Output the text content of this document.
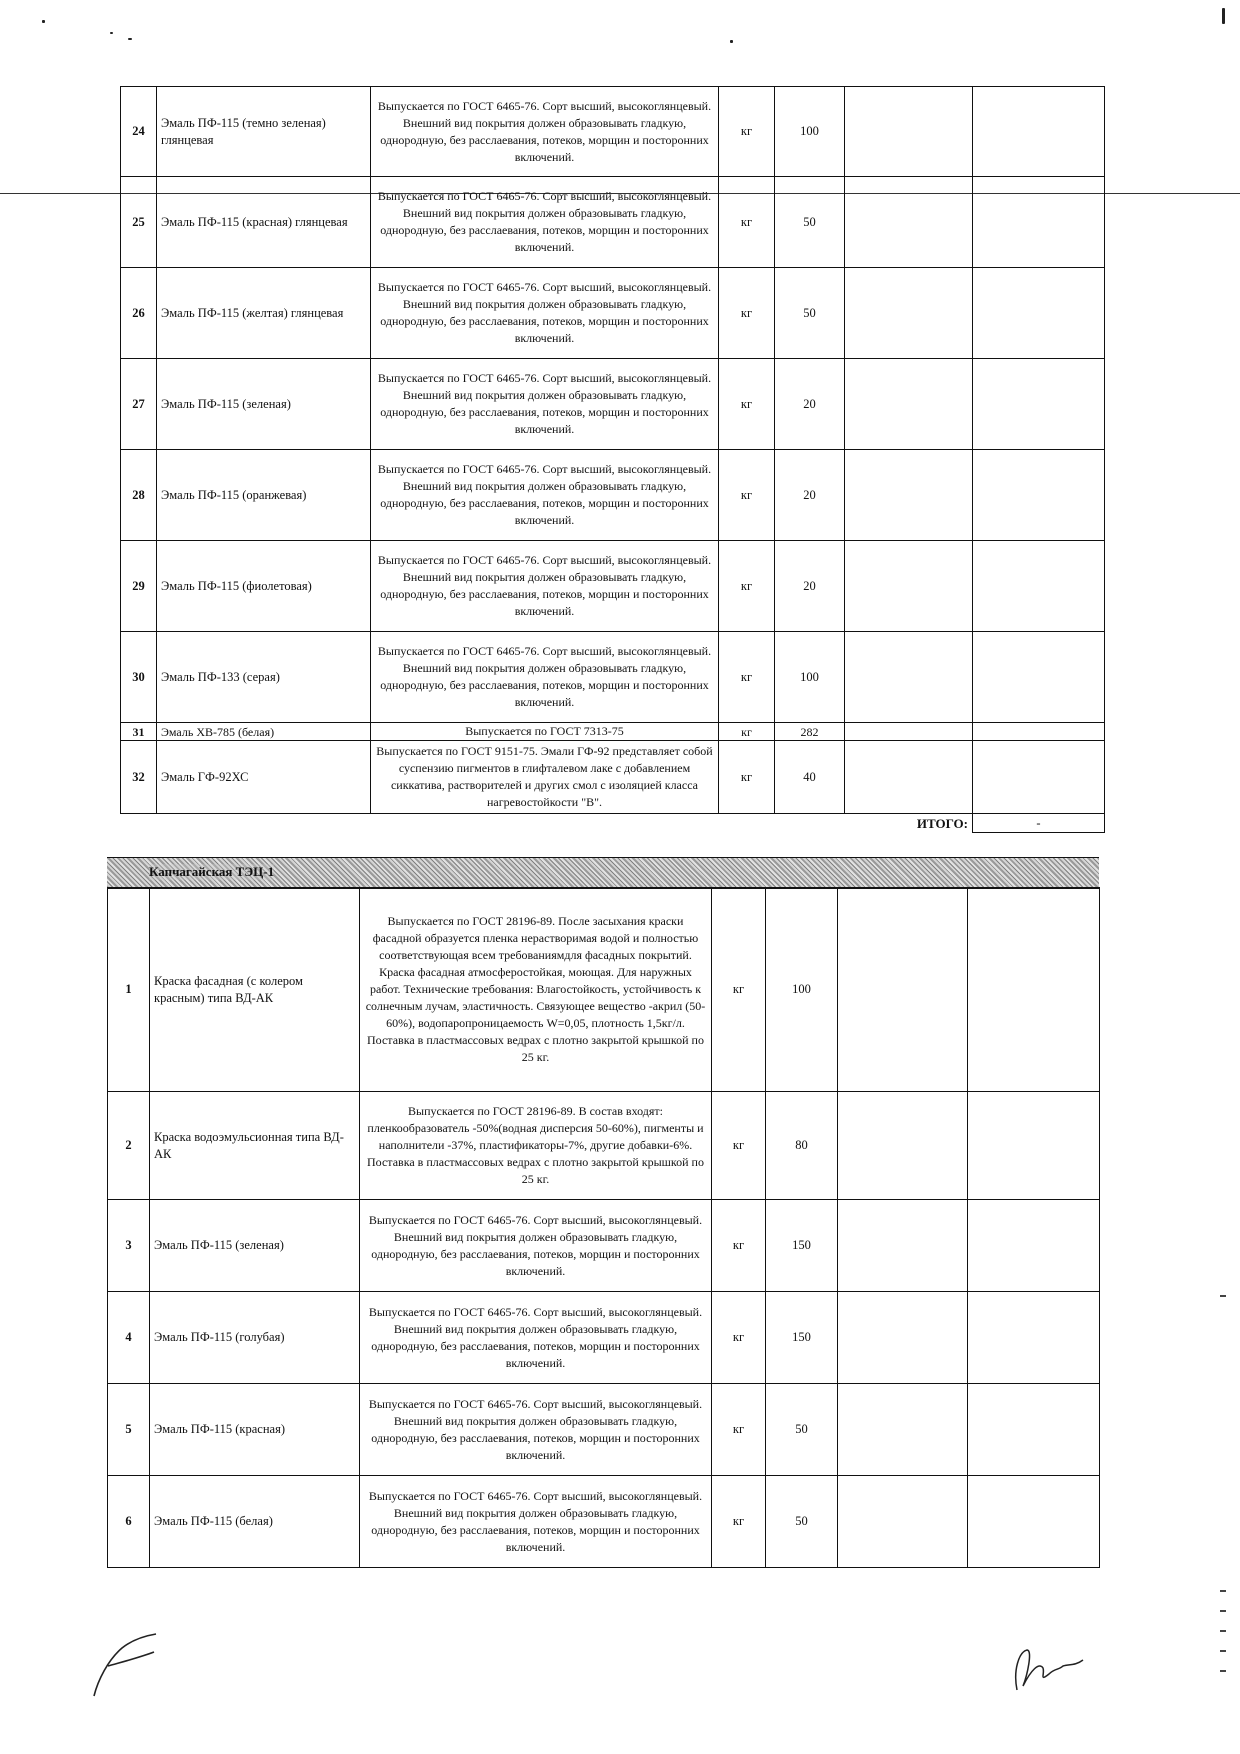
24	Эмаль ПФ-115 (темно зеленая) глянцевая	Выпускается по ГОСТ 6465-76. Сорт высший, высокоглянцевый. Внешний вид покрытия должен образовывать гладкую, однородную, без расслаевания, потеков, морщин и посторонних включений.	кг	100		
25	Эмаль ПФ-115 (красная) глянцевая	Выпускается по ГОСТ 6465-76. Сорт высший, высокоглянцевый. Внешний вид покрытия должен образовывать гладкую, однородную, без расслаевания, потеков, морщин и посторонних включений.	кг	50		
26	Эмаль ПФ-115 (желтая) глянцевая	Выпускается по ГОСТ 6465-76. Сорт высший, высокоглянцевый. Внешний вид покрытия должен образовывать гладкую, однородную, без расслаевания, потеков, морщин и посторонних включений.	кг	50		
27	Эмаль ПФ-115 (зеленая)	Выпускается по ГОСТ 6465-76. Сорт высший, высокоглянцевый. Внешний вид покрытия должен образовывать гладкую, однородную, без расслаевания, потеков, морщин и посторонних включений.	кг	20		
28	Эмаль ПФ-115 (оранжевая)	Выпускается по ГОСТ 6465-76. Сорт высший, высокоглянцевый. Внешний вид покрытия должен образовывать гладкую, однородную, без расслаевания, потеков, морщин и посторонних включений.	кг	20		
29	Эмаль ПФ-115 (фиолетовая)	Выпускается по ГОСТ 6465-76. Сорт высший, высокоглянцевый. Внешний вид покрытия должен образовывать гладкую, однородную, без расслаевания, потеков, морщин и посторонних включений.	кг	20		
30	Эмаль ПФ-133 (серая)	Выпускается по ГОСТ 6465-76. Сорт высший, высокоглянцевый. Внешний вид покрытия должен образовывать гладкую, однородную, без расслаевания, потеков, морщин и посторонних включений.	кг	100		
31	Эмаль ХВ-785 (белая)	Выпускается по ГОСТ 7313-75	кг	282		
32	Эмаль ГФ-92ХС	Выпускается по ГОСТ 9151-75. Эмали ГФ-92 представляет собой суспензию пигментов в глифталевом лаке с добавлением сиккатива, растворителей и других смол с изоляцией класса нагревостойкости "В".	кг	40		
ИТОГО:						-
Капчагайская ТЭЦ-1
1	Краска фасадная (с колером красным) типа ВД-АК	Выпускается по ГОСТ 28196-89. После засыхания краски фасадной образуется пленка нерастворимая водой и полностью соответствующая всем требованиямдля фасадных покрытий. Краска фасадная атмосферостойкая, моющая. Для наружных работ. Технические требования: Влагостойкость, устойчивость к солнечным лучам, эластичность. Связующее вещество -акрил (50-60%), водопаропроницаемость W=0,05, плотность 1,5кг/л. Поставка в пластмассовых ведрах с плотно закрытой крышкой по 25 кг.	кг	100		
2	Краска водоэмульсионная типа ВД-АК	Выпускается по ГОСТ 28196-89. В состав входят: пленкообразователь -50%(водная дисперсия 50-60%), пигменты и наполнители -37%, пластификаторы-7%, другие добавки-6%. Поставка в пластмассовых ведрах с плотно закрытой крышкой по 25 кг.	кг	80		
3	Эмаль ПФ-115 (зеленая)	Выпускается по ГОСТ 6465-76. Сорт высший, высокоглянцевый. Внешний вид покрытия должен образовывать гладкую, однородную, без расслаевания, потеков, морщин и посторонних включений.	кг	150		
4	Эмаль ПФ-115 (голубая)	Выпускается по ГОСТ 6465-76. Сорт высший, высокоглянцевый. Внешний вид покрытия должен образовывать гладкую, однородную, без расслаевания, потеков, морщин и посторонних включений.	кг	150		
5	Эмаль ПФ-115 (красная)	Выпускается по ГОСТ 6465-76. Сорт высший, высокоглянцевый. Внешний вид покрытия должен образовывать гладкую, однородную, без расслаевания, потеков, морщин и посторонних включений.	кг	50		
6	Эмаль ПФ-115 (белая)	Выпускается по ГОСТ 6465-76. Сорт высший, высокоглянцевый. Внешний вид покрытия должен образовывать гладкую, однородную, без расслаевания, потеков, морщин и посторонних включений.	кг	50		
